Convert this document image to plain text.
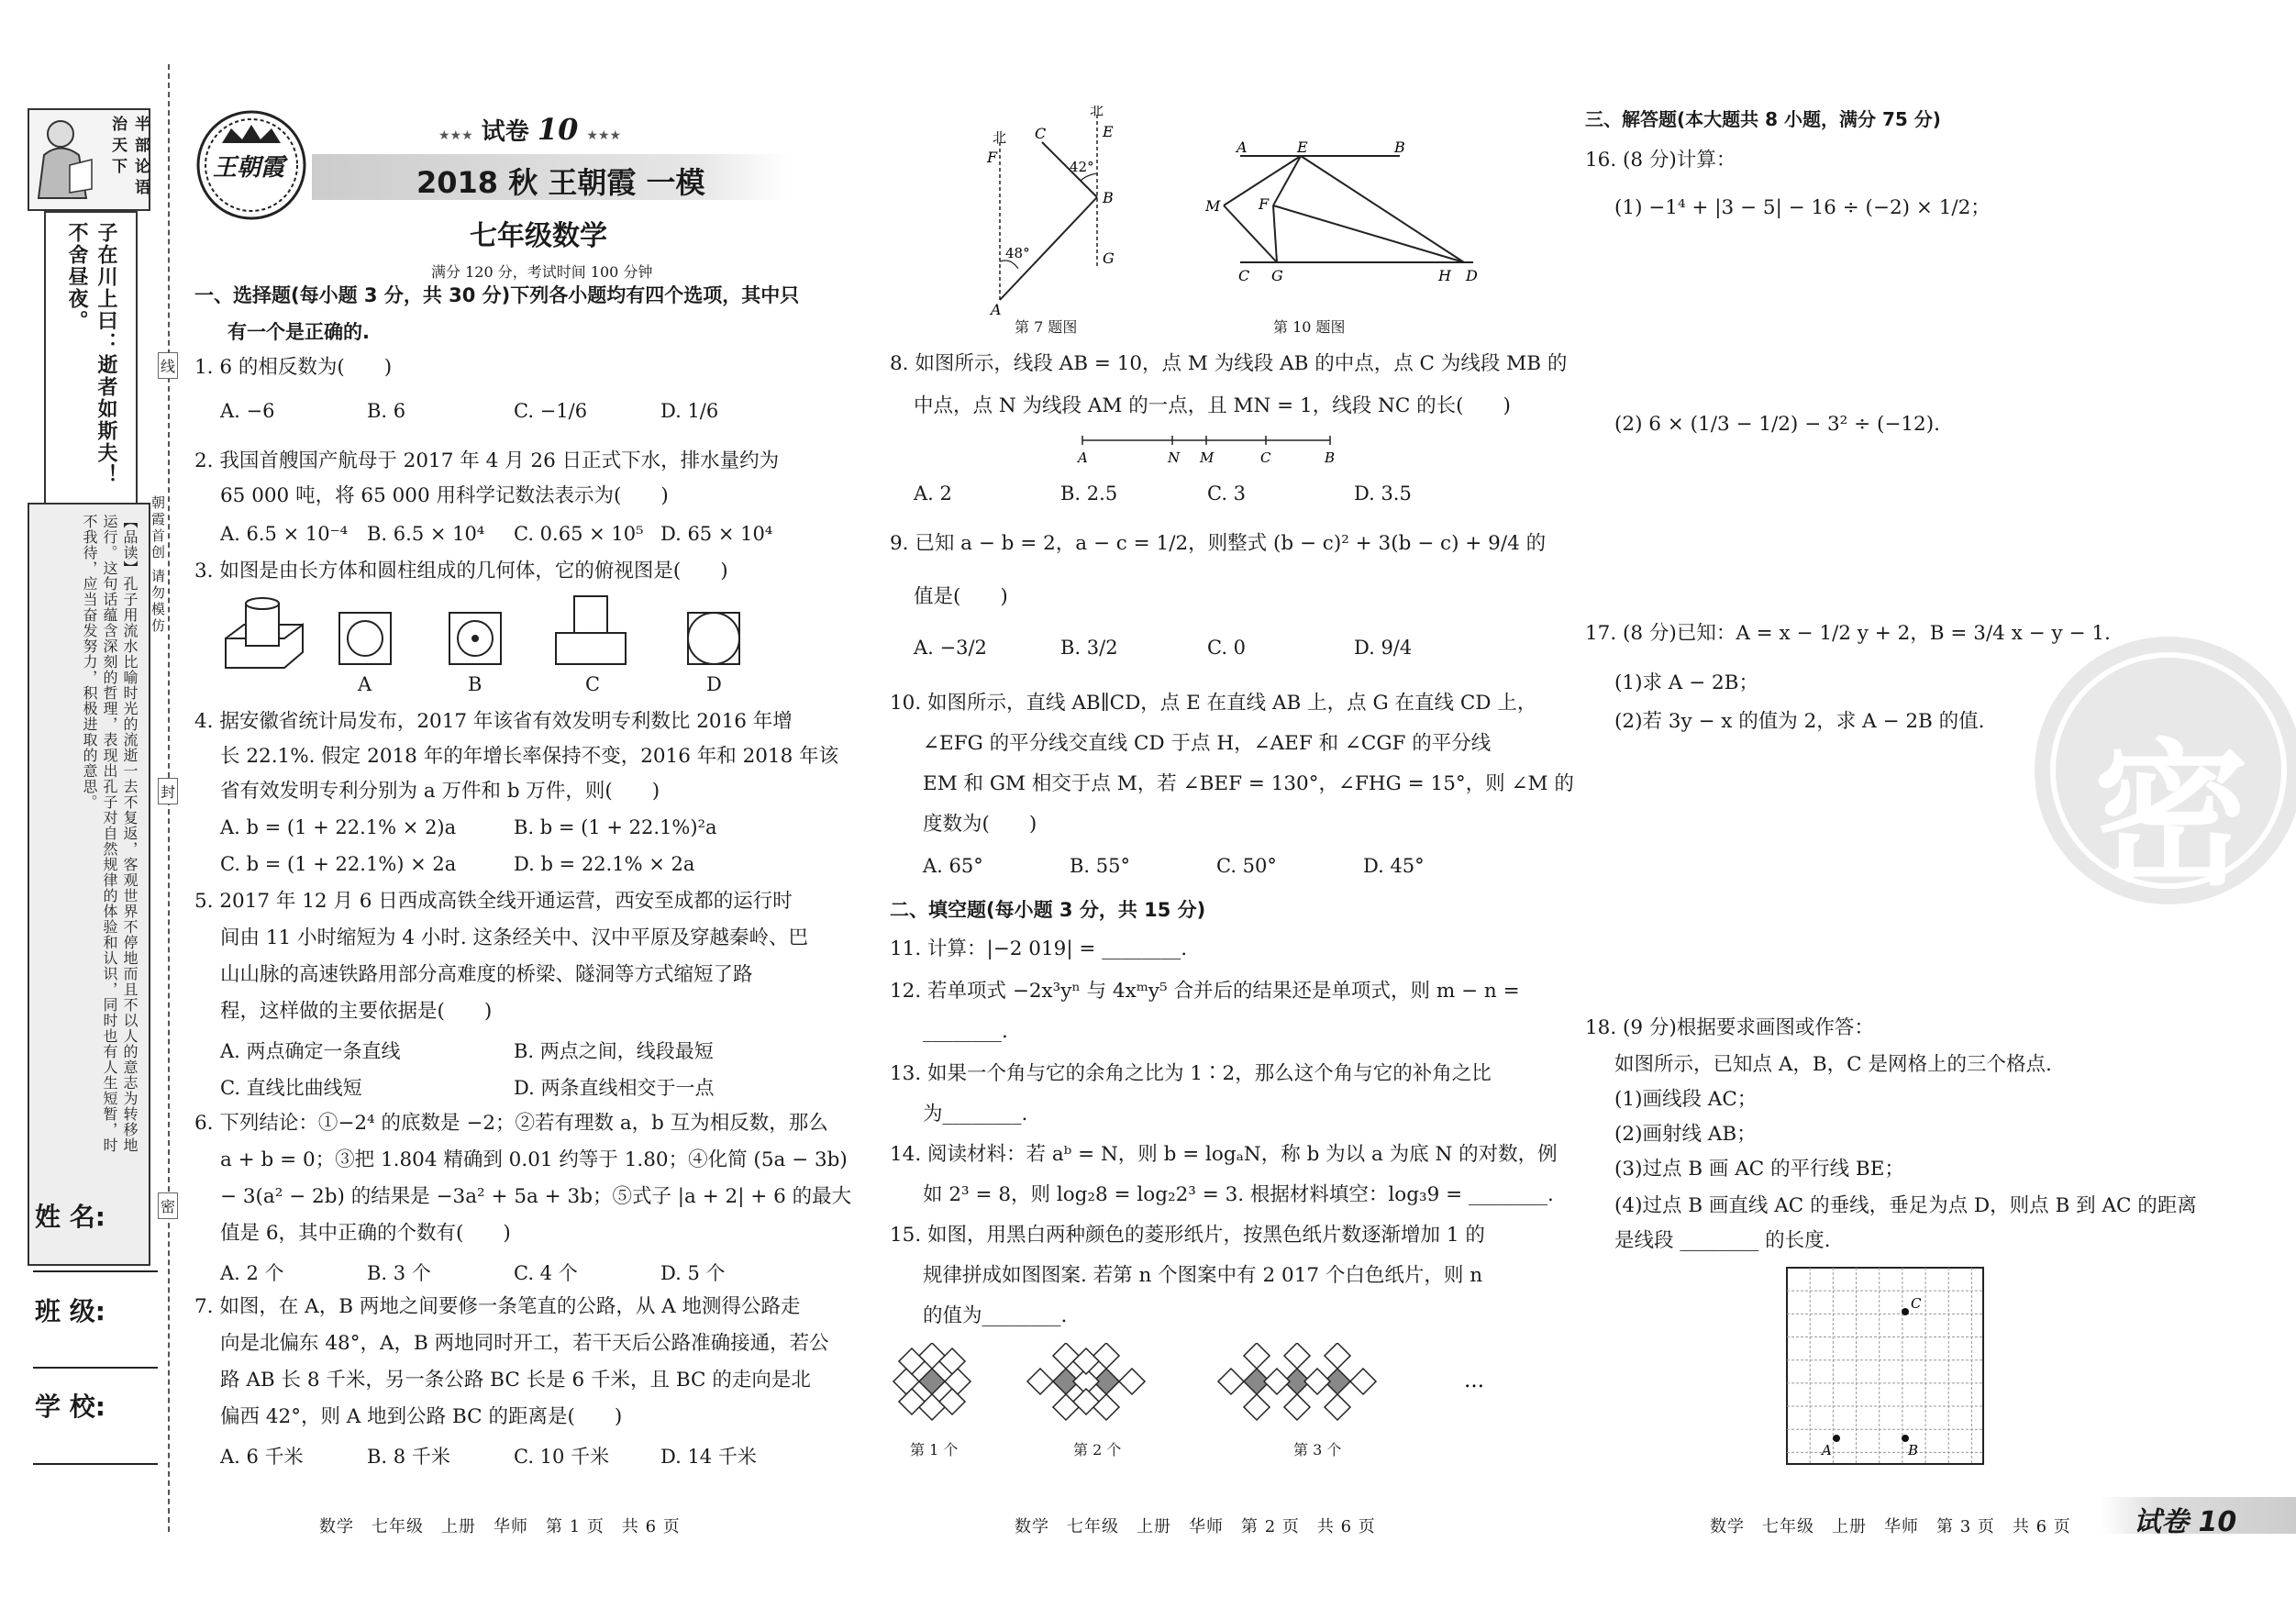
半部论语治天下
子在川上曰：逝者如斯夫！
不舍昼夜。
【品读】孔子用流水比喻时光的流逝一去不复返，客观世界不停地而且不以人的意志为转移地运行。这句话蕴含深刻的哲理，表现出孔子对自然规律的体验和认识，同时也有人生短暂，时不我待，应当奋发努力，积极进取的意思。
姓 名:
班 级:
学 校:
线
封
密
朝霞首创 请勿模仿
王朝霞
★★★ 试卷 10 ★★★
2018 秋 王朝霞 一模
七年级数学
满分 120 分，考试时间 100 分钟
一、选择题(每小题 3 分，共 30 分)下列各小题均有四个选项，其中只
有一个是正确的.
1. 6 的相反数为(　　)
A. −6	B. 6	C. −1/6	D. 1/6
2. 我国首艘国产航母于 2017 年 4 月 26 日正式下水，排水量约为
65 000 吨，将 65 000 用科学记数法表示为(　　)
A. 6.5 × 10⁻⁴ B. 6.5 × 10⁴ C. 0.65 × 10⁵ D. 65 × 10⁴
3. 如图是由长方体和圆柱组成的几何体，它的俯视图是(　　)
A	B	C	D
4. 据安徽省统计局发布，2017 年该省有效发明专利数比 2016 年增
长 22.1%. 假定 2018 年的年增长率保持不变，2016 年和 2018 年该
省有效发明专利分别为 a 万件和 b 万件，则(　　)
A. b = (1 + 22.1% × 2)a	B. b = (1 + 22.1%)²a
C. b = (1 + 22.1%) × 2a	D. b = 22.1% × 2a
5. 2017 年 12 月 6 日西成高铁全线开通运营，西安至成都的运行时
间由 11 小时缩短为 4 小时. 这条经关中、汉中平原及穿越秦岭、巴
山山脉的高速铁路用部分高难度的桥梁、隧洞等方式缩短了路
程，这样做的主要依据是(　　)
A. 两点确定一条直线	B. 两点之间，线段最短
C. 直线比曲线短	D. 两条直线相交于一点
6. 下列结论：①−2⁴ 的底数是 −2；②若有理数 a，b 互为相反数，那么
a + b = 0；③把 1.804 精确到 0.01 约等于 1.80；④化简 (5a − 3b)
− 3(a² − 2b) 的结果是 −3a² + 5a + 3b；⑤式子 |a + 2| + 6 的最大
值是 6，其中正确的个数有(　　)
A. 2 个	B. 3 个	C. 4 个	D. 5 个
7. 如图，在 A，B 两地之间要修一条笔直的公路，从 A 地测得公路走
向是北偏东 48°，A，B 两地同时开工，若干天后公路准确接通，若公
路 AB 长 8 千米，另一条公路 BC 长是 6 千米，且 BC 的走向是北
偏西 42°，则 A 地到公路 BC 的距离是(　　)
A. 6 千米	B. 8 千米	C. 10 千米	D. 14 千米
数学　七年级　上册　华师　第 1 页　共 6 页
北
北
F
C	E
B
G
A
42°
48°
第 7 题图
A	E	B
M	F
C G	H D
第 10 题图
8. 如图所示，线段 AB = 10，点 M 为线段 AB 的中点，点 C 为线段 MB 的
中点，点 N 为线段 AM 的一点，且 MN = 1，线段 NC 的长(　　)
A	N M	C	B
A. 2	B. 2.5	C. 3	D. 3.5
9. 已知 a − b = 2，a − c = 1/2，则整式 (b − c)² + 3(b − c) + 9/4 的
值是(　　)
A. −3/2	B. 3/2	C. 0	D. 9/4
10. 如图所示，直线 AB∥CD，点 E 在直线 AB 上，点 G 在直线 CD 上，
∠EFG 的平分线交直线 CD 于点 H，∠AEF 和 ∠CGF 的平分线
EM 和 GM 相交于点 M，若 ∠BEF = 130°，∠FHG = 15°，则 ∠M 的
度数为(　　)
A. 65°	B. 55°	C. 50°	D. 45°
二、填空题(每小题 3 分，共 15 分)
11. 计算：|−2 019| = ________.
12. 若单项式 −2x³yⁿ 与 4xᵐy⁵ 合并后的结果还是单项式，则 m − n =
________.
13. 如果一个角与它的余角之比为 1∶2，那么这个角与它的补角之比
为________.
14. 阅读材料：若 aᵇ = N，则 b = logₐN，称 b 为以 a 为底 N 的对数，例
如 2³ = 8，则 log₂8 = log₂2³ = 3. 根据材料填空：log₃9 = ________.
15. 如图，用黑白两种颜色的菱形纸片，按黑色纸片数逐渐增加 1 的
规律拼成如图图案. 若第 n 个图案中有 2 017 个白色纸片，则 n
的值为________.
…
第 1 个	第 2 个	第 3 个
数学　七年级　上册　华师　第 2 页　共 6 页
三、解答题(本大题共 8 小题，满分 75 分)
16. (8 分)计算：
(1) −1⁴ + |3 − 5| − 16 ÷ (−2) × 1/2；
(2) 6 × (1/3 − 1/2) − 3² ÷ (−12).
17. (8 分)已知：A = x − 1/2 y + 2，B = 3/4 x − y − 1.
(1)求 A − 2B；
(2)若 3y − x 的值为 2，求 A − 2B 的值.
密
18. (9 分)根据要求画图或作答：
如图所示，已知点 A，B，C 是网格上的三个格点.
(1)画线段 AC；
(2)画射线 AB；
(3)过点 B 画 AC 的平行线 BE；
(4)过点 B 画直线 AC 的垂线，垂足为点 D，则点 B 到 AC 的距离
是线段 ________ 的长度.
C
A	B
数学　七年级　上册　华师　第 3 页　共 6 页 试卷 10
